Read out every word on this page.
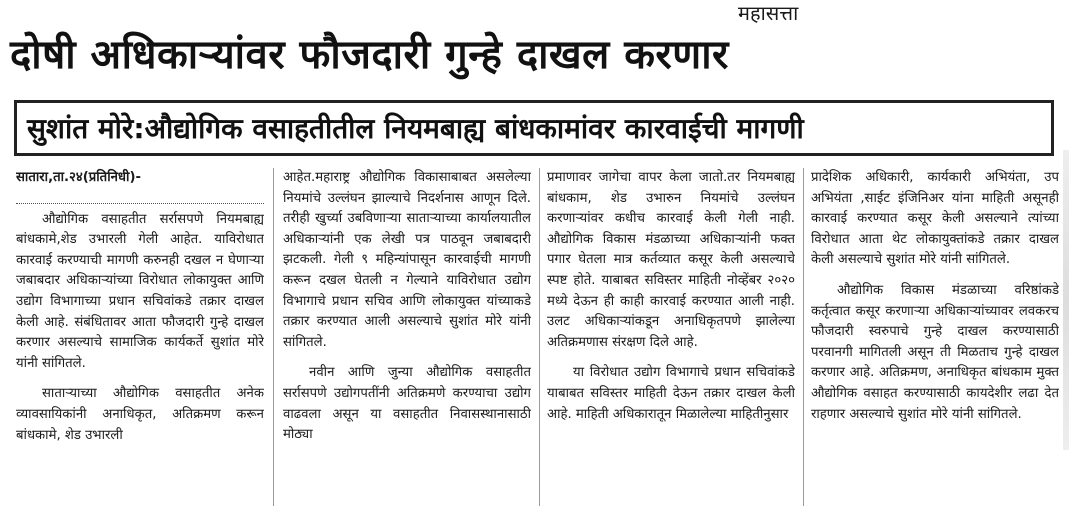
महासत्ता
दोषी अधिकाऱ्यांवर फौजदारी गुन्हे दाखल करणार
सुशांत मोरे:औद्योगिक वसाहतीतील नियमबाह्य बांधकामांवर कारवाईची मागणी

सातारा,ता.२४(प्रतिनिधी)-

औद्योगिक वसाहतीत सर्रासपणे नियमबाह्य बांधकामे,शेड उभारली गेली आहेत. याविरोधात कारवाई करण्याची मागणी करुनही दखल न घेणाऱ्या जबाबदार अधिकाऱ्यांच्या विरोधात लोकायुक्त आणि उद्योग विभागाच्या प्रधान सचिवांकडे तक्रार दाखल केली आहे. संबंधितावर आता फौजदारी गुन्हे दाखल करणार असल्याचे सामाजिक कार्यकर्ते सुशांत मोरे यांनी सांगितले.

साताऱ्याच्या औद्योगिक वसाहतीत अनेक व्यावसायिकांनी अनाधिकृत, अतिक्रमण करून बांधकामे, शेड उभारली

आहेत.महाराष्ट्र औद्योगिक विकासाबाबत असलेल्या नियमांचे उल्लंघन झाल्याचे निदर्शनास आणून दिले. तरीही खुर्च्या उबविणाऱ्या साताऱ्याच्या कार्यालयातील अधिकाऱ्यांनी एक लेखी पत्र पाठवून जबाबदारी झटकली. गेली ९ महिन्यांपासून कारवाईची मागणी करून दखल घेतली न गेल्याने याविरोधात उद्योग विभागाचे प्रधान सचिव आणि लोकायुक्त यांच्याकडे तक्रार करण्यात आली असल्याचे सुशांत मोरे यांनी सांगितले.

नवीन आणि जुन्या औद्योगिक वसाहतीत सर्रासपणे उद्योगपतींनी अतिक्रमणे करण्याचा उद्योग वाढवला असून या वसाहतीत निवासस्थानासाठी मोठ्या

प्रमाणावर जागेचा वापर केला जातो.तर नियमबाह्य बांधकाम, शेड उभारुन नियमांचे उल्लंघन करणाऱ्यांवर कधीच कारवाई केली गेली नाही. औद्योगिक विकास मंडळाच्या अधिकाऱ्यांनी फक्त पगार घेतला मात्र कर्तव्यात कसूर केली असल्याचे स्पष्ट होते. याबाबत सविस्तर माहिती नोव्हेंबर २०२० मध्ये देऊन ही काही कारवाई करण्यात आली नाही. उलट अधिकाऱ्यांकडून अनाधिकृतपणे झालेल्या अतिक्रमणास संरक्षण दिले आहे.

या विरोधात उद्योग विभागाचे प्रधान सचिवांकडे याबाबत सविस्तर माहिती देऊन तक्रार दाखल केली आहे. माहिती अधिकारातून मिळालेल्या माहितीनुसार

प्रादेशिक अधिकारी, कार्यकारी अभियंता, उप अभियंता ,साईट इंजिनिअर यांना माहिती असूनही कारवाई करण्यात कसूर केली असल्याने त्यांच्या विरोधात आता थेट लोकायुक्तांकडे तक्रार दाखल केली असल्याचे सुशांत मोरे यांनी सांगितले.

औद्योगिक विकास मंडळाच्या वरिष्ठांकडे कर्तृत्वात कसूर करणाऱ्या अधिकाऱ्यांच्यावर लवकरच फौजदारी स्वरुपाचे गुन्हे दाखल करण्यासाठी परवानगी मागितली असून ती मिळताच गुन्हे दाखल करणार आहे. अतिक्रमण, अनाधिकृत बांधकाम मुक्त औद्योगिक वसाहत करण्यासाठी कायदेशीर लढा देत राहणार असल्याचे सुशांत मोरे यांनी सांगितले.
